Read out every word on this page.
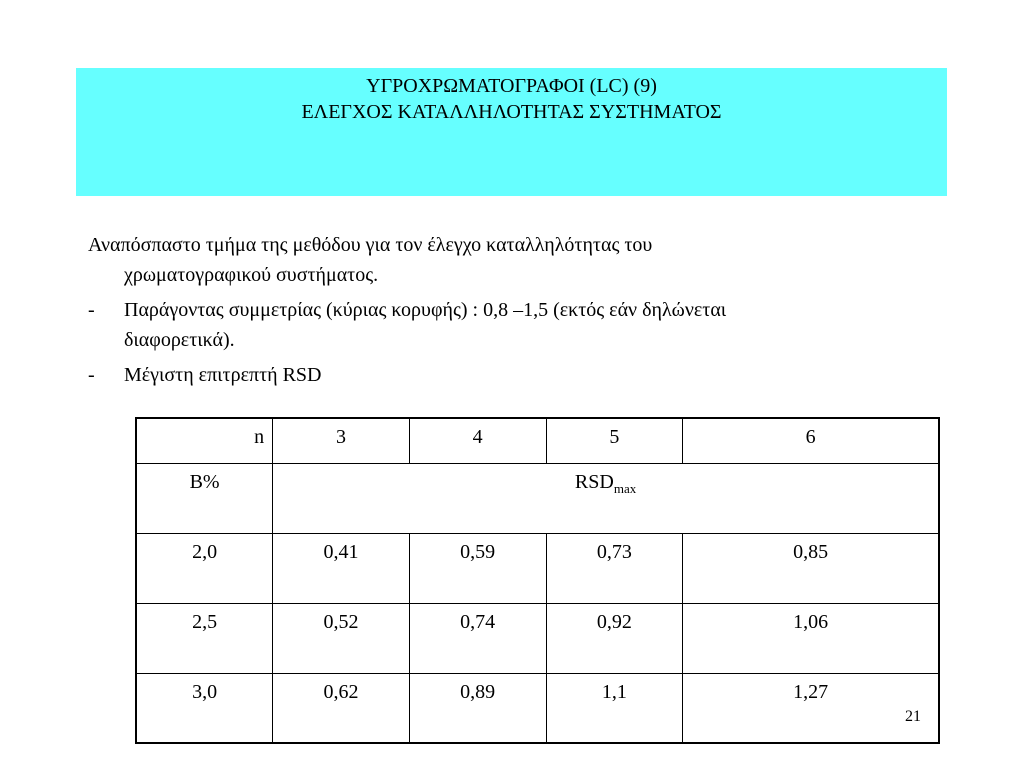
ΥΓΡΟΧΡΩΜΑΤΟΓΡΑΦΟΙ (LC) (9)
ΕΛΕΓΧΟΣ ΚΑΤΑΛΛΗΛΟΤΗΤΑΣ ΣΥΣΤΗΜΑΤΟΣ

Αναπόσπαστο τμήμα της μεθόδου για τον έλεγχο καταλληλότητας του
χρωματογραφικού συστήματος.

-	Παράγοντας συμμετρίας (κύριας κορυφής) : 0,8 –1,5 (εκτός εάν δηλώνεται
διαφορετικά).
-	Μέγιστη επιτρεπτή RSD
n	3	4	5	6
B%	$RSD_{max}$
2,0	0,41	0,59	0,73	0,85
2,5	0,52	0,74	0,92	1,06
3,0	0,62	0,89	1,1	1,27
21
